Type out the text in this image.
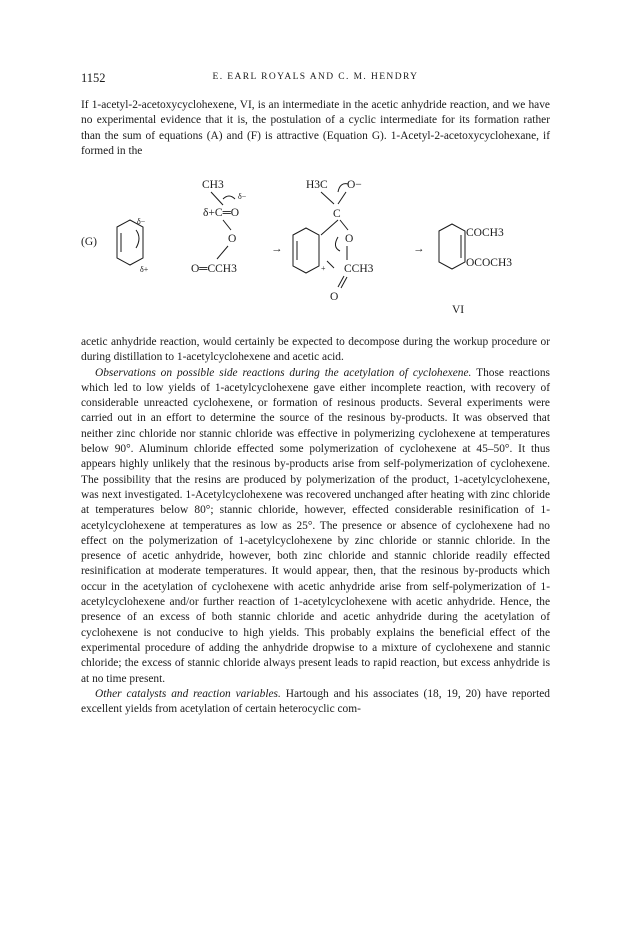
1152	E. EARL ROYALS AND C. M. HENDRY

If 1-acetyl-2-acetoxycyclohexene, VI, is an intermediate in the acetic anhydride reaction, and we have no experimental evidence that it is, the postulation of a cyclic intermediate for its formation rather than the sum of equations (A) and (F) is attractive (Equation G). 1-Acetyl-2-acetoxycyclohexane, if formed in the

(G)
δ−
δ+
CH3
δ−
δ+C═O
O
O═CCH3
→
+
H3C O−
C
O
CCH3
O
→
COCH3
OCOCH3
VI

acetic anhydride reaction, would certainly be expected to decompose during the workup procedure or during distillation to 1-acetylcyclohexene and acetic acid.

Observations on possible side reactions during the acetylation of cyclohexene. Those reactions which led to low yields of 1-acetylcyclohexene gave either incomplete reaction, with recovery of considerable unreacted cyclohexene, or formation of resinous products. Several experiments were carried out in an effort to determine the source of the resinous by-products. It was observed that neither zinc chloride nor stannic chloride was effective in polymerizing cyclohexene at temperatures below 90°. Aluminum chloride effected some polymerization of cyclohexene at 45–50°. It thus appears highly unlikely that the resinous by-products arise from self-polymerization of cyclohexene. The possibility that the resins are produced by polymerization of the product, 1-acetylcyclohexene, was next investigated. 1-Acetylcyclohexene was recovered unchanged after heating with zinc chloride at temperatures below 80°; stannic chloride, however, effected considerable resinification of 1-acetylcyclohexene at temperatures as low as 25°. The presence or absence of cyclohexene had no effect on the polymerization of 1-acetylcyclohexene by zinc chloride or stannic chloride. In the presence of acetic anhydride, however, both zinc chloride and stannic chloride readily effected resinification at moderate temperatures. It would appear, then, that the resinous by-products which occur in the acetylation of cyclohexene with acetic anhydride arise from self-polymerization of 1-acetylcyclohexene and/or further reaction of 1-acetylcyclohexene with acetic anhydride. Hence, the presence of an excess of both stannic chloride and acetic anhydride during the acetylation of cyclohexene is not conducive to high yields. This probably explains the beneficial effect of the experimental procedure of adding the anhydride dropwise to a mixture of cyclohexene and stannic chloride; the excess of stannic chloride always present leads to rapid reaction, but excess anhydride is at no time present.

Other catalysts and reaction variables. Hartough and his associates (18, 19, 20) have reported excellent yields from acetylation of certain heterocyclic com-
